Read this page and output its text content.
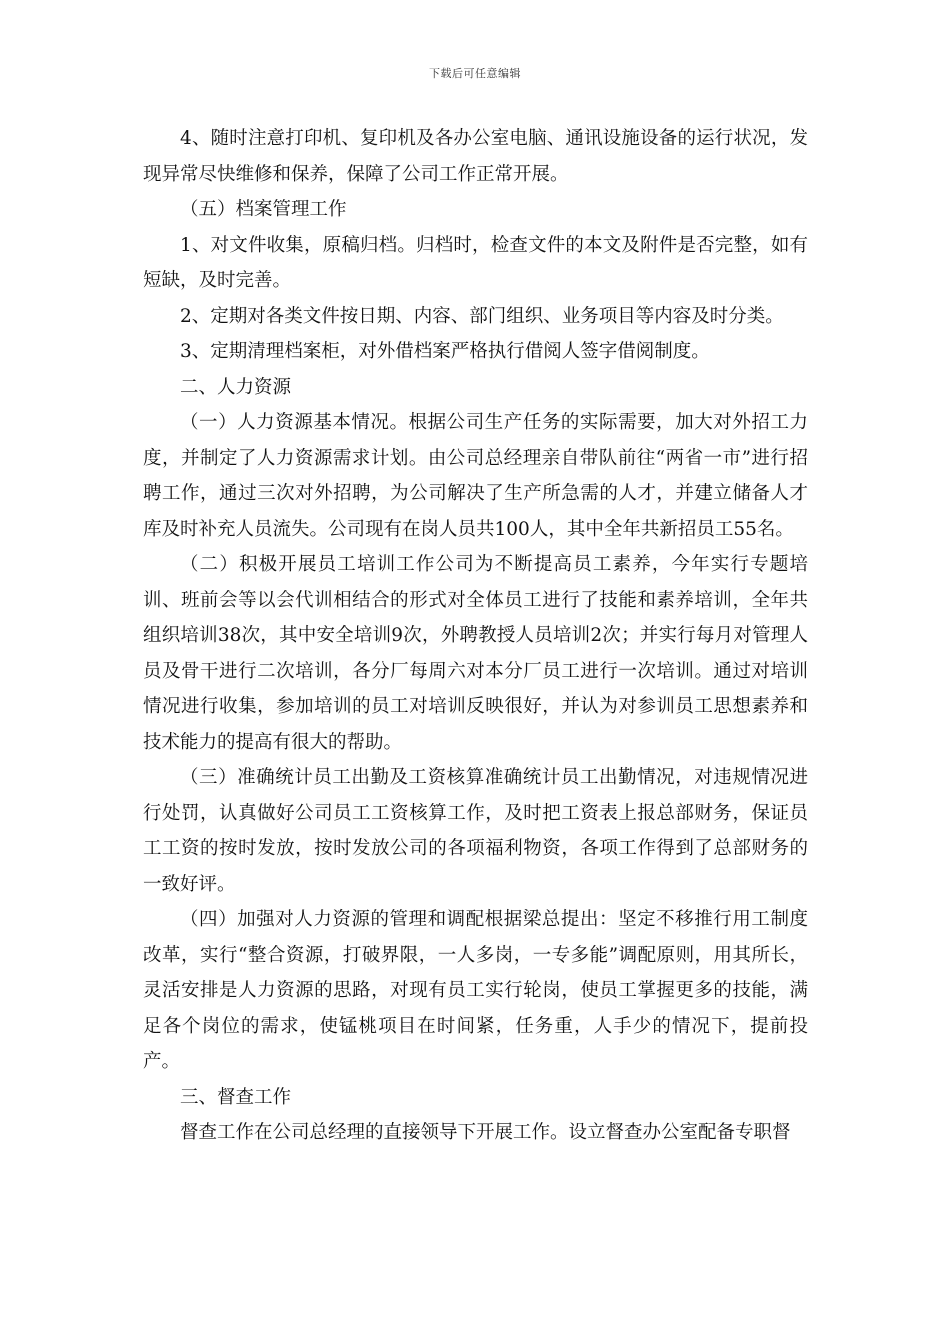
下载后可任意编辑

4、随时注意打印机、复印机及各办公室电脑、通讯设施设备的运行状况，发现异常尽快维修和保养，保障了公司工作正常开展。

（五）档案管理工作

1、对文件收集，原稿归档。归档时，检查文件的本文及附件是否完整，如有短缺，及时完善。

2、定期对各类文件按日期、内容、部门组织、业务项目等内容及时分类。

3、定期清理档案柜，对外借档案严格执行借阅人签字借阅制度。

二、人力资源

（一）人力资源基本情况。根据公司生产任务的实际需要，加大对外招工力度，并制定了人力资源需求计划。由公司总经理亲自带队前往“两省一市”进行招聘工作，通过三次对外招聘，为公司解决了生产所急需的人才，并建立储备人才库及时补充人员流失。公司现有在岗人员共100人，其中全年共新招员工55名。

（二）积极开展员工培训工作公司为不断提高员工素养，今年实行专题培训、班前会等以会代训相结合的形式对全体员工进行了技能和素养培训，全年共组织培训38次，其中安全培训9次，外聘教授人员培训2次；并实行每月对管理人员及骨干进行二次培训，各分厂每周六对本分厂员工进行一次培训。通过对培训情况进行收集，参加培训的员工对培训反映很好，并认为对参训员工思想素养和技术能力的提高有很大的帮助。

（三）准确统计员工出勤及工资核算准确统计员工出勤情况，对违规情况进行处罚，认真做好公司员工工资核算工作，及时把工资表上报总部财务，保证员工工资的按时发放，按时发放公司的各项福利物资，各项工作得到了总部财务的一致好评。

（四）加强对人力资源的管理和调配根据梁总提出：坚定不移推行用工制度改革，实行“整合资源，打破界限，一人多岗，一专多能”调配原则，用其所长，灵活安排是人力资源的思路，对现有员工实行轮岗，使员工掌握更多的技能，满足各个岗位的需求，使锰桃项目在时间紧，任务重，人手少的情况下，提前投产。

三、督查工作

督查工作在公司总经理的直接领导下开展工作。设立督查办公室配备专职督
